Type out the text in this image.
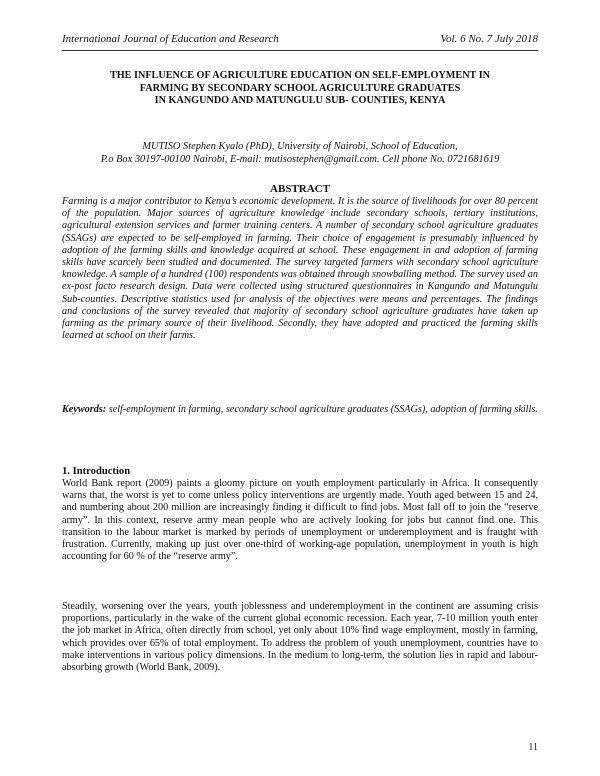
International Journal of Education and Research	Vol. 6 No. 7 July 2018
THE INFLUENCE OF AGRICULTURE EDUCATION ON SELF-EMPLOYMENT IN
FARMING BY SECONDARY SCHOOL AGRICULTURE GRADUATES
IN KANGUNDO AND MATUNGULU SUB- COUNTIES, KENYA
MUTISO Stephen Kyalo (PhD), University of Nairobi, School of Education,
P.o Box 30197-00100 Nairobi, E-mail: mutisostephen@gmail.com. Cell phone No. 0721681619
ABSTRACT
Farming is a major contributor to Kenya’s economic development. It is the source of livelihoods for over 80 percent of the population. Major sources of agriculture knowledge include secondary schools, tertiary institutions, agricultural extension services and farmer training centers. A number of secondary school agriculture graduates (SSAGs) are expected to be self-employed in farming. Their choice of engagement is presumably influenced by adoption of the farming skills and knowledge acquired at school. These engagement in and adoption of farming skills have scarcely been studied and documented. The survey targeted farmers with secondary school agriculture knowledge. A sample of a hundred (100) respondents was obtained through snowballing method. The survey used an ex-post facto research design. Data were collected using structured questionnaires in Kangundo and Matungulu Sub-counties. Descriptive statistics used for analysis of the objectives were means and percentages. The findings and conclusions of the survey revealed that majority of secondary school agriculture graduates have taken up farming as the primary source of their livelihood. Secondly, they have adopted and practiced the farming skills learned at school on their farms.
Keywords: self-employment in farming, secondary school agriculture graduates (SSAGs), adoption of farming skills.
1. Introduction
World Bank report (2009) paints a gloomy picture on youth employment particularly in Africa. It consequently warns that, the worst is yet to come unless policy interventions are urgently made. Youth aged between 15 and 24, and numbering about 200 million are increasingly finding it difficult to find jobs. Most fall off to join the “reserve army”. In this context, reserve army mean people who are actively looking for jobs but cannot find one. This transition to the labour market is marked by periods of unemployment or underemployment and is fraught with frustration. Currently, making up just over one-third of working-age population, unemployment in youth is high accounting for 60 % of the “reserve army”.
Steadily, worsening over the years, youth joblessness and underemployment in the continent are assuming crisis proportions, particularly in the wake of the current global economic recession. Each year, 7-10 million youth enter the job market in Africa, often directly from school, yet only about 10% find wage employment, mostly in farming, which provides over 65% of total employment. To address the problem of youth unemployment, countries have to make interventions in various policy dimensions. In the medium to long-term, the solution lies in rapid and labour-absorbing growth (World Bank, 2009).
11
